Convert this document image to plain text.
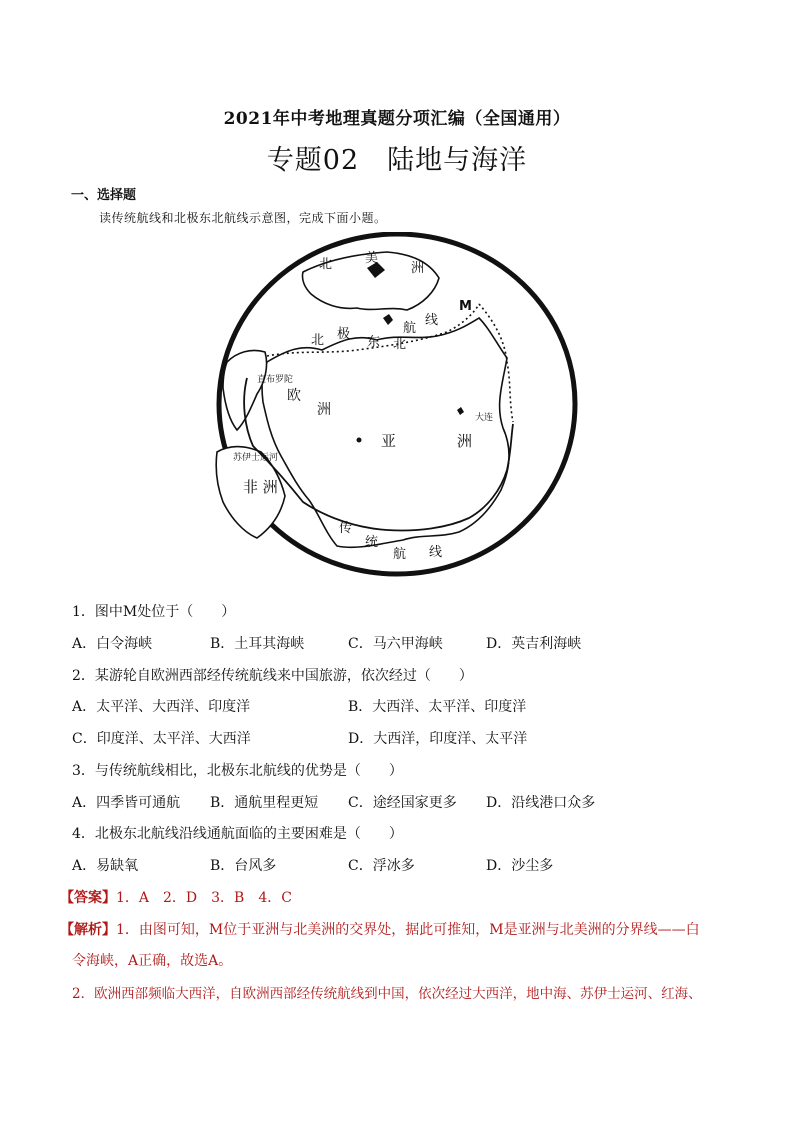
2021年中考地理真题分项汇编（全国通用）
专题02　陆地与海洋
一、选择题
读传统航线和北极东北航线示意图，完成下面小题。
北	美
洲
M
北 极
东 北
航
线
欧
洲
直布罗陀
亚	洲
大连
苏伊士运河
非 洲
传
统
航 线
1．图中M处位于（　　）
A．白令海峡	B．土耳其海峡	C．马六甲海峡	D．英吉利海峡
2．某游轮自欧洲西部经传统航线来中国旅游，依次经过（　　）
A．太平洋、大西洋、印度洋	B．大西洋、太平洋、印度洋
C．印度洋、太平洋、大西洋	D．大西洋，印度洋、太平洋
3．与传统航线相比，北极东北航线的优势是（　　）
A．四季皆可通航 B．通航里程更短 C．途经国家更多 D．沿线港口众多
4．北极东北航线沿线通航面临的主要困难是（　　）
A．易缺氧	B．台风多	C．浮冰多	D．沙尘多
【答案】1．A　2．D　3．B　4．C
【解析】1．由图可知，M位于亚洲与北美洲的交界处，据此可推知，M是亚洲与北美洲的分界线——白
令海峡，A正确，故选A。
2．欧洲西部频临大西洋，自欧洲西部经传统航线到中国，依次经过大西洋，地中海、苏伊士运河、红海、
